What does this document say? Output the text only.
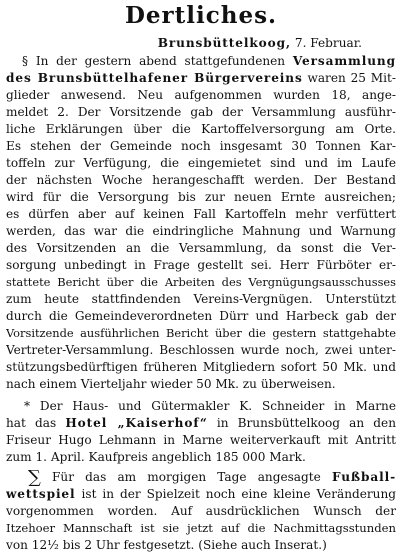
Dertliches.
Brunsbüttelkoog, 7. Februar.
§ In der gestern abend stattgefundenen Versammlung
des Brunsbüttelhafener Bürgervereins waren 25 Mit-
glieder anwesend. Neu aufgenommen wurden 18, ange-
meldet 2. Der Vorsitzende gab der Versammlung ausführ-
liche Erklärungen über die Kartoffelversorgung am Orte.
Es stehen der Gemeinde noch insgesamt 30 Tonnen Kar-
toffeln zur Verfügung, die eingemietet sind und im Laufe
der nächsten Woche herangeschafft werden. Der Bestand
wird für die Versorgung bis zur neuen Ernte ausreichen;
es dürfen aber auf keinen Fall Kartoffeln mehr verfüttert
werden, das war die eindringliche Mahnung und Warnung
des Vorsitzenden an die Versammlung, da sonst die Ver-
sorgung unbedingt in Frage gestellt sei. Herr Fürböter er-
stattete Bericht über die Arbeiten des Vergnügungsausschusses
zum heute stattfindenden Vereins-Vergnügen. Unterstützt
durch die Gemeindeverordneten Dürr und Harbeck gab der
Vorsitzende ausführlichen Bericht über die gestern stattgehabte
Vertreter-Versammlung. Beschlossen wurde noch, zwei unter-
stützungsbedürftigen früheren Mitgliedern sofort 50 Mk. und
nach einem Vierteljahr wieder 50 Mk. zu überweisen.
* Der Haus- und Gütermakler K. Schneider in Marne
hat das Hotel „Kaiserhof“ in Brunsbüttelkoog an den
Friseur Hugo Lehmann in Marne weiterverkauft mit Antritt
zum 1. April. Kaufpreis angeblich 185 000 Mark.
∑ Für das am morgigen Tage angesagte Fußball-
wettspiel ist in der Spielzeit noch eine kleine Veränderung
vorgenommen worden. Auf ausdrücklichen Wunsch der
Itzehoer Mannschaft ist sie jetzt auf die Nachmittagsstunden
von 12½ bis 2 Uhr festgesetzt. (Siehe auch Inserat.)
